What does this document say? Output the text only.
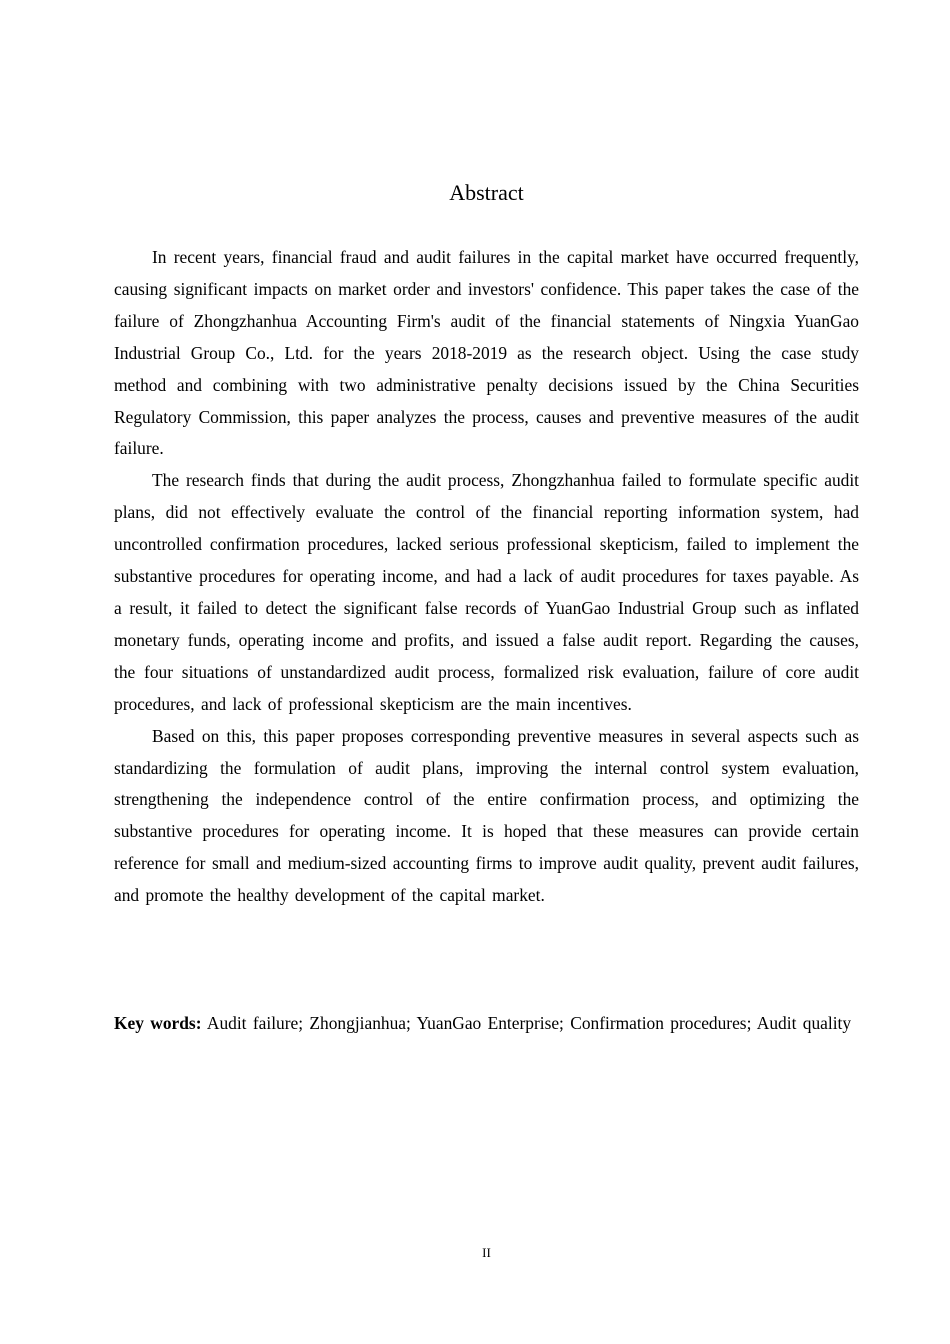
Abstract

In recent years, financial fraud and audit failures in the capital market have occurred frequently, causing significant impacts on market order and investors' confidence. This paper takes the case of the failure of Zhongzhanhua Accounting Firm's audit of the financial statements of Ningxia YuanGao Industrial Group Co., Ltd. for the years 2018-2019 as the research object. Using the case study method and combining with two administrative penalty decisions issued by the China Securities Regulatory Commission, this paper analyzes the process, causes and preventive measures of the audit failure.

The research finds that during the audit process, Zhongzhanhua failed to formulate specific audit plans, did not effectively evaluate the control of the financial reporting information system, had uncontrolled confirmation procedures, lacked serious professional skepticism, failed to implement the substantive procedures for operating income, and had a lack of audit procedures for taxes payable. As a result, it failed to detect the significant false records of YuanGao Industrial Group such as inflated monetary funds, operating income and profits, and issued a false audit report. Regarding the causes, the four situations of unstandardized audit process, formalized risk evaluation, failure of core audit procedures, and lack of professional skepticism are the main incentives.

Based on this, this paper proposes corresponding preventive measures in several aspects such as standardizing the formulation of audit plans, improving the internal control system evaluation, strengthening the independence control of the entire confirmation process, and optimizing the substantive procedures for operating income. It is hoped that these measures can provide certain reference for small and medium-sized accounting firms to improve audit quality, prevent audit failures, and promote the healthy development of the capital market.

Key words: Audit failure; Zhongjianhua; YuanGao Enterprise; Confirmation procedures; Audit quality
II
